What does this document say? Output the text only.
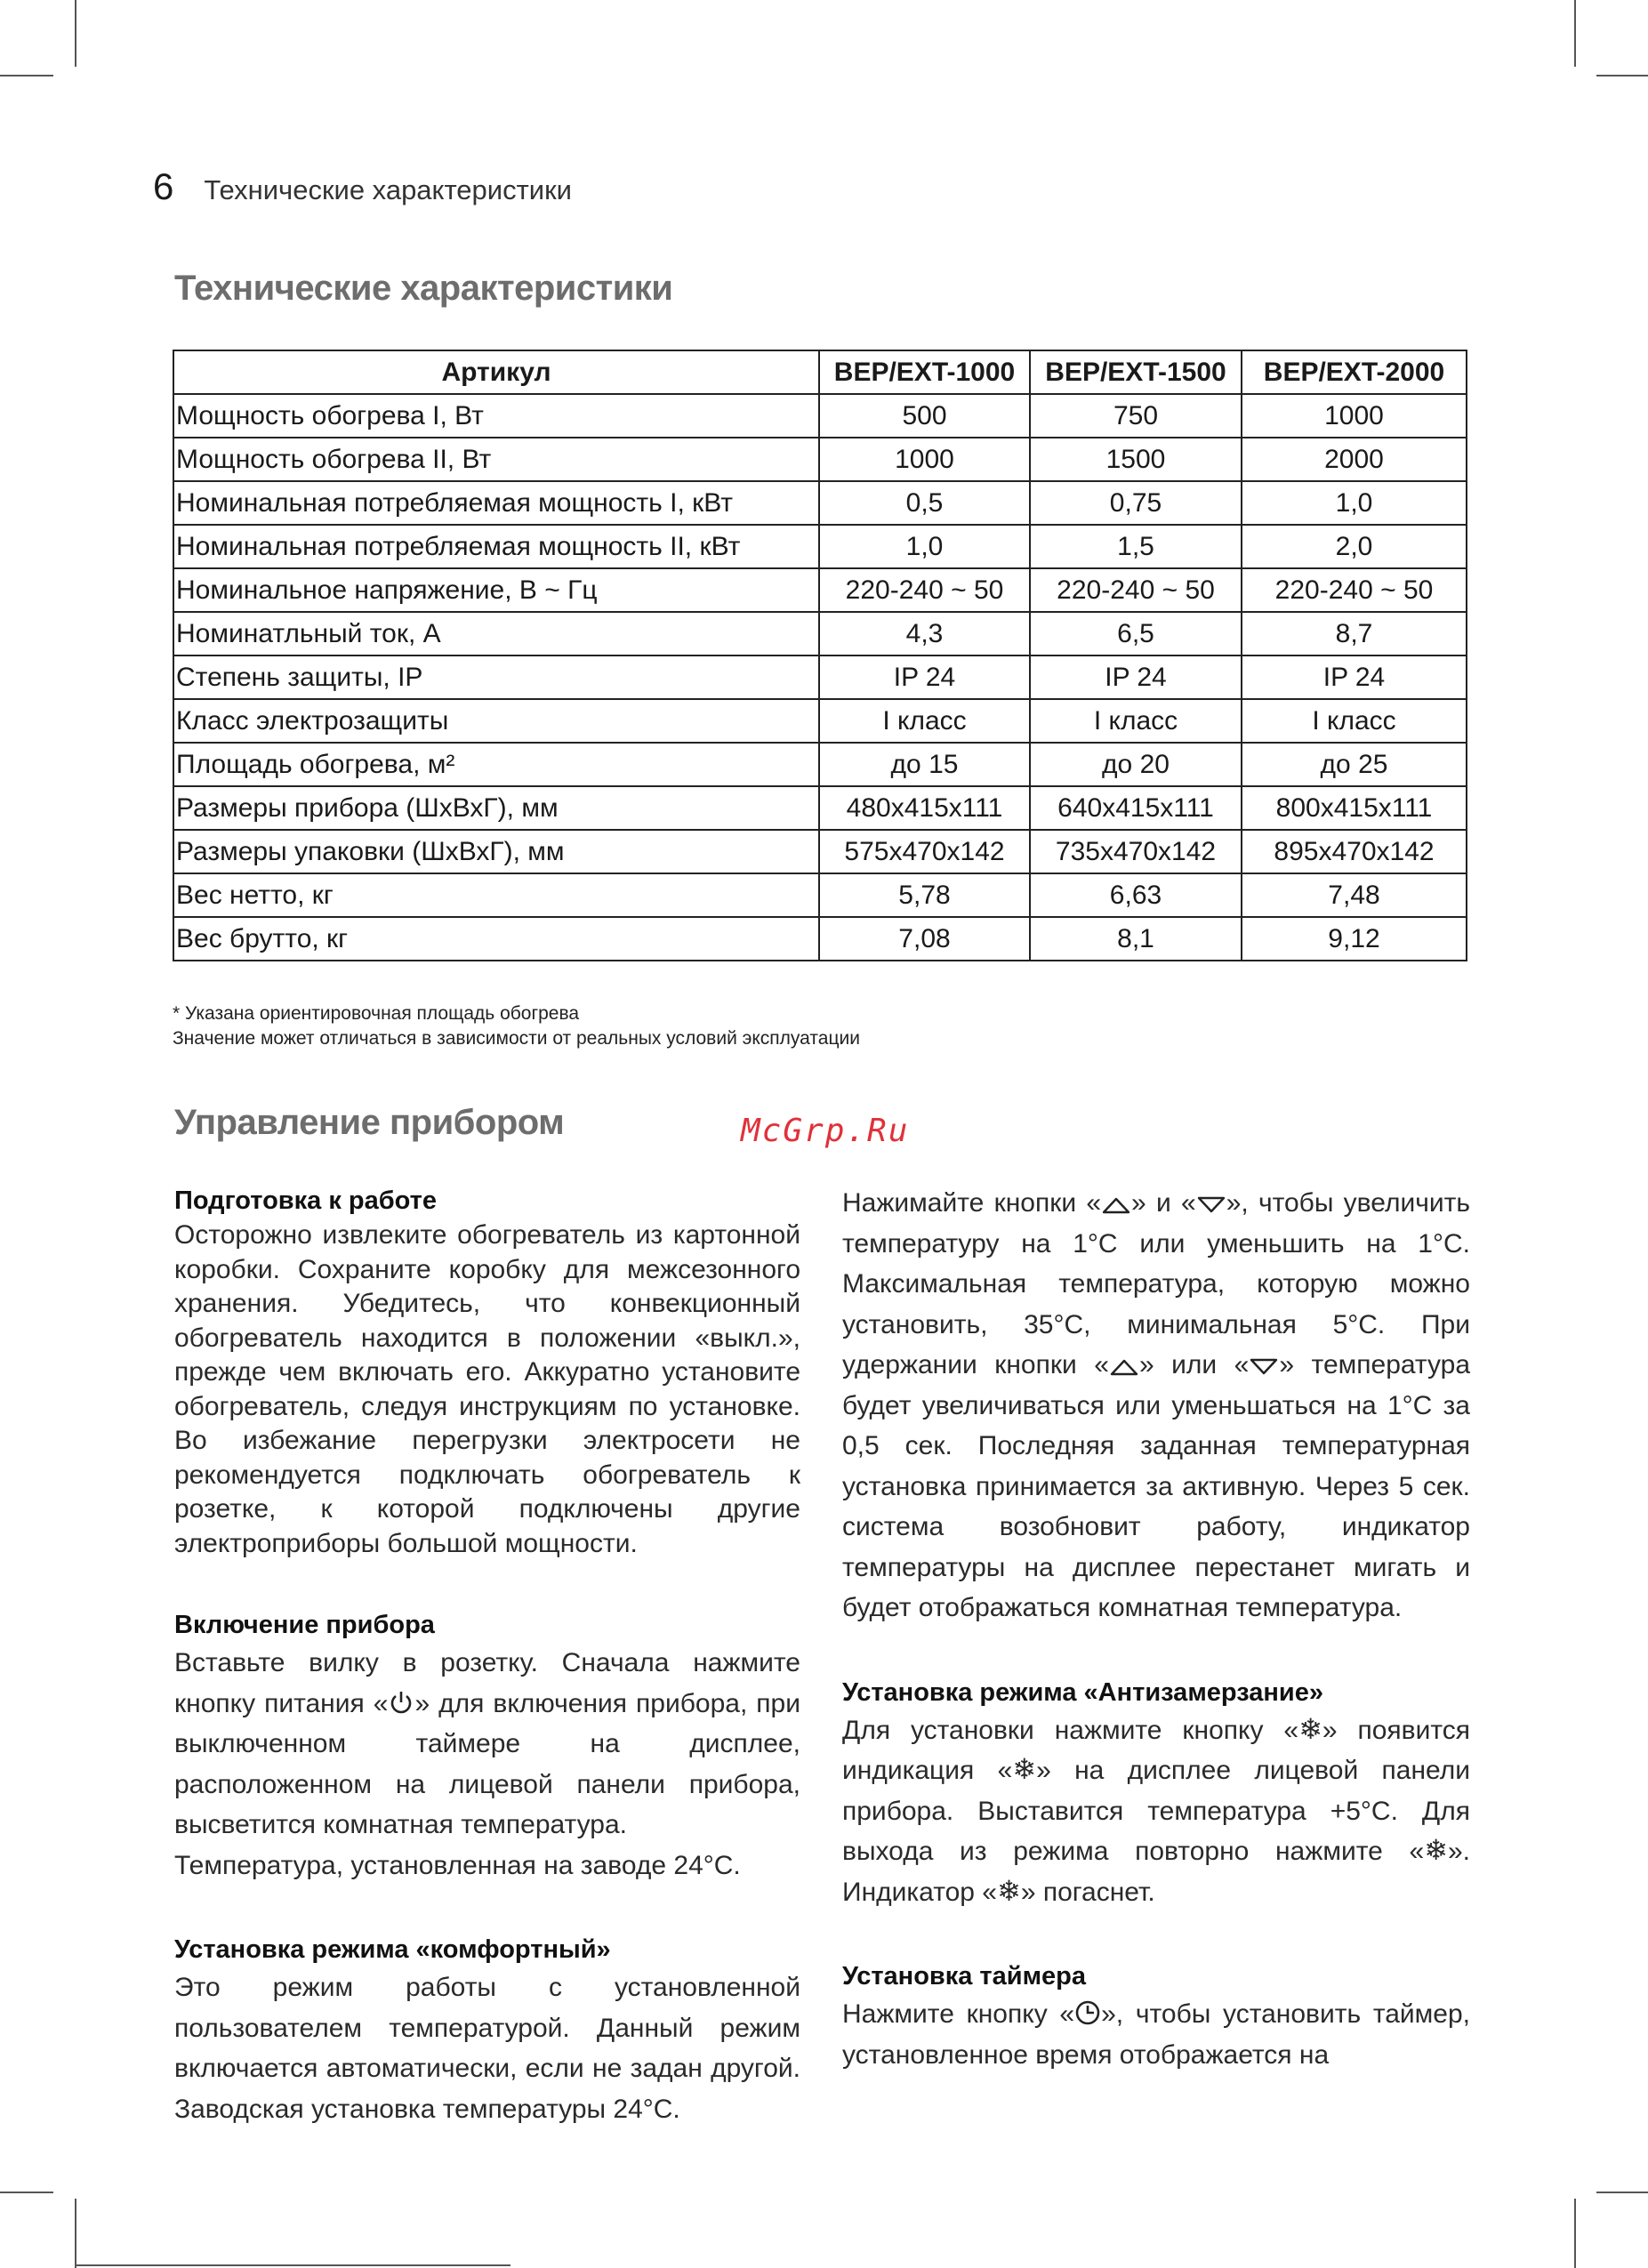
6 Технические характеристики
Технические характеристики
Артикул	BEP/EXT-1000	BEP/EXT-1500	BEP/EXT-2000
Мощность обогрева I, Вт	500	750	1000
Мощность обогрева II, Вт	1000	1500	2000
Номинальная потребляемая мощность I, кВт	0,5	0,75	1,0
Номинальная потребляемая мощность II, кВт	1,0	1,5	2,0
Номинальное напряжение, В ~ Гц	220-240 ~ 50	220-240 ~ 50	220-240 ~ 50
Номинатльный ток, А	4,3	6,5	8,7
Степень защиты, IP	IP 24	IP 24	IP 24
Класс электрозащиты	I класс	I класс	I класс
Площадь обогрева, м²	до 15	до 20	до 25
Размеры прибора (ШхВхГ), мм	480x415x111	640x415x111	800x415x111
Размеры упаковки (ШхВхГ), мм	575x470x142	735x470x142	895x470x142
Вес нетто, кг	5,78	6,63	7,48
Вес брутто, кг	7,08	8,1	9,12
* Указана ориентировочная площадь обогрева
Значение может отличаться в зависимости от реальных условий эксплуатации
Управление прибором	McGrp.Ru
Подготовка к работе

Осторожно извлеките обогреватель из картонной коробки. Сохраните коробку для межсезонного хранения. Убедитесь, что конвекционный обогреватель находится в положении «выкл.», прежде чем включать его. Аккуратно установите обогреватель, следуя инструкциям по установке. Во избежание перегрузки электросети не рекомендуется подключать обогреватель к розетке, к которой подключены другие электроприборы большой мощности.

Включение прибора

Вставьте вилку в розетку. Сначала нажмите кнопку питания « » для включения прибора, при выключенном таймере на дисплее, расположенном на лицевой панели прибора, высветится комнатная температура.

Температура, установленная на заводе 24°С.

Установка режима «комфортный»

Это режим работы с установленной пользователем температурой. Данный режим включается автоматически, если не задан другой. Заводская установка температуры 24°С.

Нажимайте кнопки « » и « », чтобы увеличить температуру на 1°С или уменьшить на 1°С. Максимальная температура, которую можно установить, 35°С, минимальная 5°С. При удержании кнопки « » или « » температура будет увеличиваться или уменьшаться на 1°С за 0,5 сек. Последняя заданная температурная установка принимается за активную. Через 5 сек. система возобновит работу, индикатор температуры на дисплее перестанет мигать и будет отображаться комнатная температура.

Установка режима «Антизамерзание»

Для установки нажмите кнопку «❄» появится индикация «❄» на дисплее лицевой панели прибора. Выставится температура +5°С. Для выхода из режима повторно нажмите «❄». Индикатор «❄» погаснет.

Установка таймера

Нажмите кнопку « », чтобы установить таймер, установленное время отображается на
